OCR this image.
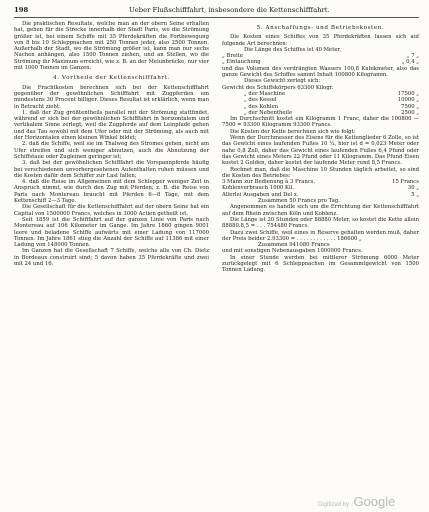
198	Ueber Flußschifffahrt, insbesondere die Kettenschifffahrt.

Die praktischen Resultate, welche man an der obern Seine erhalten hat, gehen für die Strecke innerhalb der Stadt Paris, wo die Strömung größer ist, bei einem Schiffe mit 35 Pferdekräften die Fortbewegung von 8 bis 10 Schleppnachen mit 250 Tonnen jeder, also 2500 Tonnen. Außerhalb der Stadt, wo die Strömung größer ist, kann man nur sechs Nachen anhängen, also 1500 Tonnen ziehen, und an Stellen, wo die Strömung ihr Maximum erreicht, wie z. B. an der Melunbrücke, nur vier mit 1000 Tonnen im Ganzen.

4. Vortheile der Kettenschifffahrt.

Die Frachtkosten berechnen sich bei der Kettenschifffahrt gegenüber der gewöhnlichen Schifffahrt mit Zugpferden um mindestens 30 Procent billiger. Dieses Resultat ist erklärlich, wenn man in Betracht zieht:

1. daß der Zug größtentheils parallel mit der Strömung stattfindet, während er sich bei der gewöhnlichen Schifffahrt in horizontalem und vertikalem Sinne zerlegt, weil die Zugpferde auf dem Leinpfade gehen und das Tau sowohl mit dem Ufer oder mit der Strömung, als auch mit der Horizontalen einen kleinen Winkel bildet;

2. daß die Schiffe, weil sie im Thalweg des Stromes gehen, nicht am Ufer streifen und sich weniger abnutzen, auch die Abnutzung der Schiffstaue oder Zugleinen geringer ist;

3. daß bei der gewöhnlichen Schifffahrt die Vorspannpferde häufig bei verschiedenen unvorhergesehenen Aufenthalten ruhen müssen und die Kosten dafür dem Schiffer zur Last fallen;

4. daß die Reise im Allgemeinen mit dem Schlepper weniger Zeit in Anspruch nimmt, wie durch den Zug mit Pferden; z. B. die Reise von Paris nach Montereau braucht mit Pferden 6—8 Tage, mit dem Kettenschiff 2—3 Tage.

Die Gesellschaft für die Kettenschifffahrt auf der obern Seine hat ein Capital von 1500000 Francs, welches in 3000 Actien getheilt ist.

Seit 1859 ist die Schifffahrt auf der ganzen Linie von Paris nach Montereau auf 106 Kilometer im Gange. Im Jahre 1860 gingen 9001 leere und beladene Schiffe aufwärts mit einer Ladung von 117000 Tonnen. Im Jahre 1861 stieg die Anzahl der Schiffe auf 11386 mit einer Ladung von 148000 Tonnen.

Im Ganzen hat die Gesellschaft 7 Schiffe, welche alle von Ch. Dietz in Bordeaux construirt sind; 5 davon haben 35 Pferdekräfte und zwei mit 24 und 16.

5. Anschaffungs- und Betriebskosten.

Die Kosten eines Schiffes von 35 Pferdekräften lassen sich auf folgende Art berechnen:

Die Länge des Schiffes ist 40 Meter,

„ Breite	„ 7 „
„ Eintauchung	„ 0,4 „

und das Volumen des verdrängten Wassers 100,8 Kubikmeter, also das ganze Gewicht des Schiffes sammt Inhalt 100800 Kilogramm.

Dieses Gewicht zerlegt sich:

Gewicht des Schiffskörpers 63300 Kilogr.
„ der Maschine	17500 „
„ des Kessel	10000 „
„ des Kohlen	7500 „
„ der Nebentheile	2500 „

Im Durchschnitt kostet ein Kilogramm 1 Franc, daher die 100800 — 7500 = 93300 Kilogramm 93300 Francs.

Die Kosten der Kette berechnen sich wie folgt:

Wenn der Durchmesser des Eisens für die Kettenglieder 6 Zolle, so ist das Gewicht eines laufenden Fußes 10 ¼, hier ist d = 0,023 Meter oder nahe 0,8 Zoll, daher das Gewicht eines laufenden Fußes 6,4 Pfund oder das Gewicht eines Meters 22 Pfund oder 11 Kilogramm. Das Pfund Eisen kostet 2 Gulden, daher kostet der laufende Meter rund 8,5 Francs.

Rechnet man, daß die Maschine 10 Stunden täglich arbeitet, so sind die Kosten des Betriebes:

3 Mann zur Bedienung à 3 Francs.	15 Francs
Kohlenverbrauch 1000 Kil.	30 „
Allerlei Ausgaben und Del x.	5 „

Zusammen 50 Francs pro Tag.

Angenommen es handle sich um die Errichtung der Kettenschifffahrt auf dem Rhein zwischen Köln und Koblenz.

Die Länge ist 20 Stunden oder 88880 Meter, so kostet die Kette allein 88880.8,5 = . . . 754480 Francs.

Dazu zwei Schiffe, weil eines in Reserve gehalten werden muß, daher der Preis beider 2.93300 = . . . . . . . . . . . . 186600 „

Zusammen 941080 Francs

und mit sonstigen Nebenausgaben 1000000 Francs.

In einer Stunde werden bei mittlerer Strömung 6000 Meter zurückgelegt mit 6 Schleppnachen im Gesammtgewicht von 1500 Tonnen Ladung.

Digitized by Google
